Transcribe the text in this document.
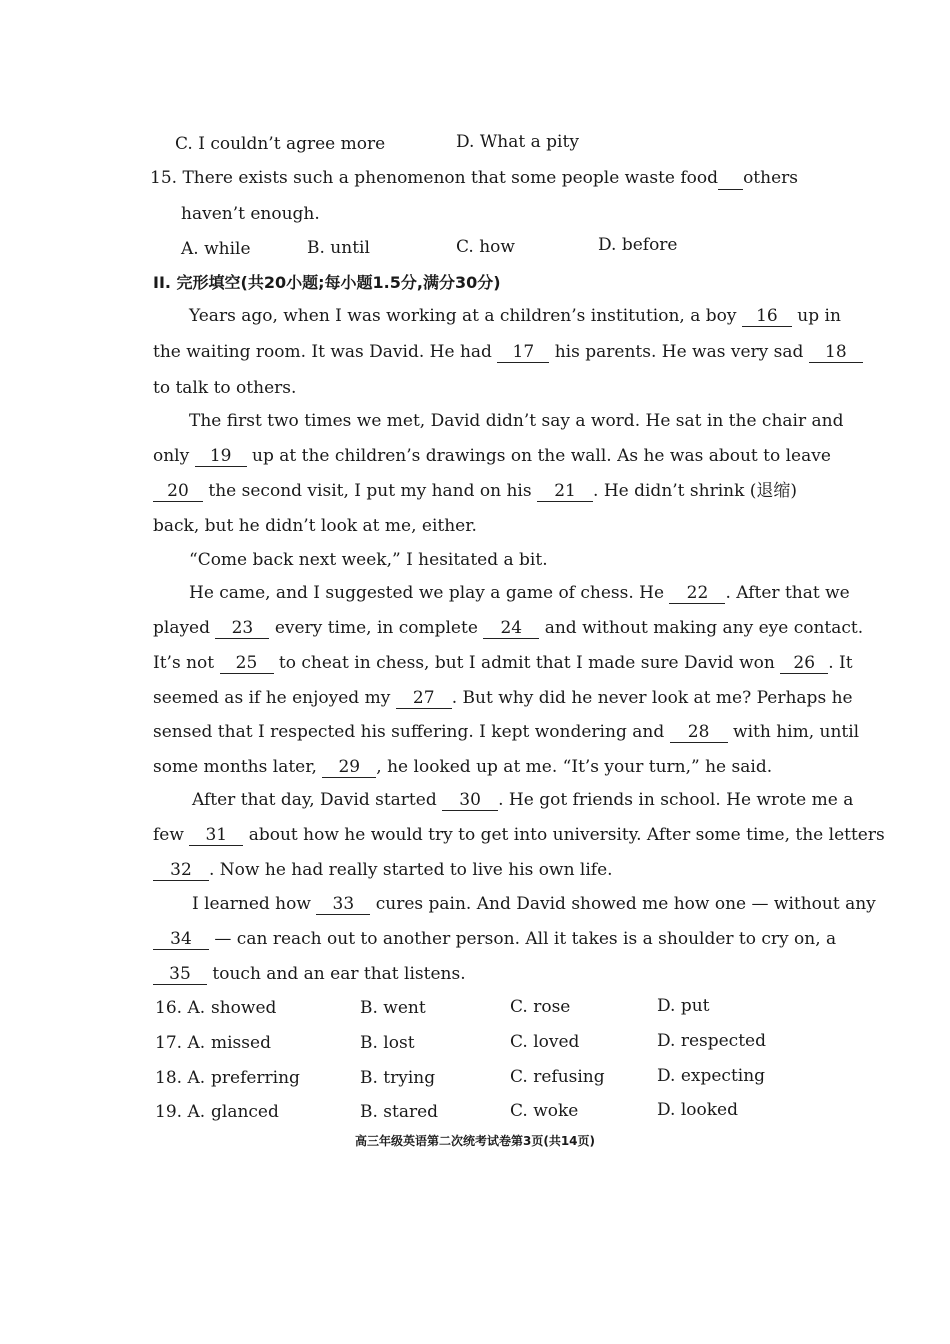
C. I couldn’t agree more	D. What a pity
15. There exists such a phenomenon that some people waste food others
haven’t enough.
A. while	B. until	C. how	D. before
II. 完形填空(共20小题;每小题1.5分,满分30分)
Years ago, when I was working at a children’s institution, a boy 16 up in
the waiting room. It was David. He had 17 his parents. He was very sad 18
to talk to others.
The first two times we met, David didn’t say a word. He sat in the chair and
only 19 up at the children’s drawings on the wall. As he was about to leave
20 the second visit, I put my hand on his 21 . He didn’t shrink (退缩)
back, but he didn’t look at me, either.
“Come back next week,” I hesitated a bit.
He came, and I suggested we play a game of chess. He 22 . After that we
played 23 every time, in complete 24 and without making any eye contact.
It’s not 25 to cheat in chess, but I admit that I made sure David won 26 . It
seemed as if he enjoyed my 27 . But why did he never look at me? Perhaps he
sensed that I respected his suffering. I kept wondering and 28 with him, until
some months later, 29 , he looked up at me. “It’s your turn,” he said.
After that day, David started 30 . He got friends in school. He wrote me a
few 31 about how he would try to get into university. After some time, the letters
32 . Now he had really started to live his own life.
I learned how 33 cures pain. And David showed me how one — without any
34 — can reach out to another person. All it takes is a shoulder to cry on, a
35 touch and an ear that listens.
16. A. showed	B. went	C. rose	D. put
17. A. missed	B. lost	C. loved	D. respected
18. A. preferring	B. trying	C. refusing	D. expecting
19. A. glanced	B. stared	C. woke	D. looked
高三年级英语第二次统考试卷第3页(共14页)
